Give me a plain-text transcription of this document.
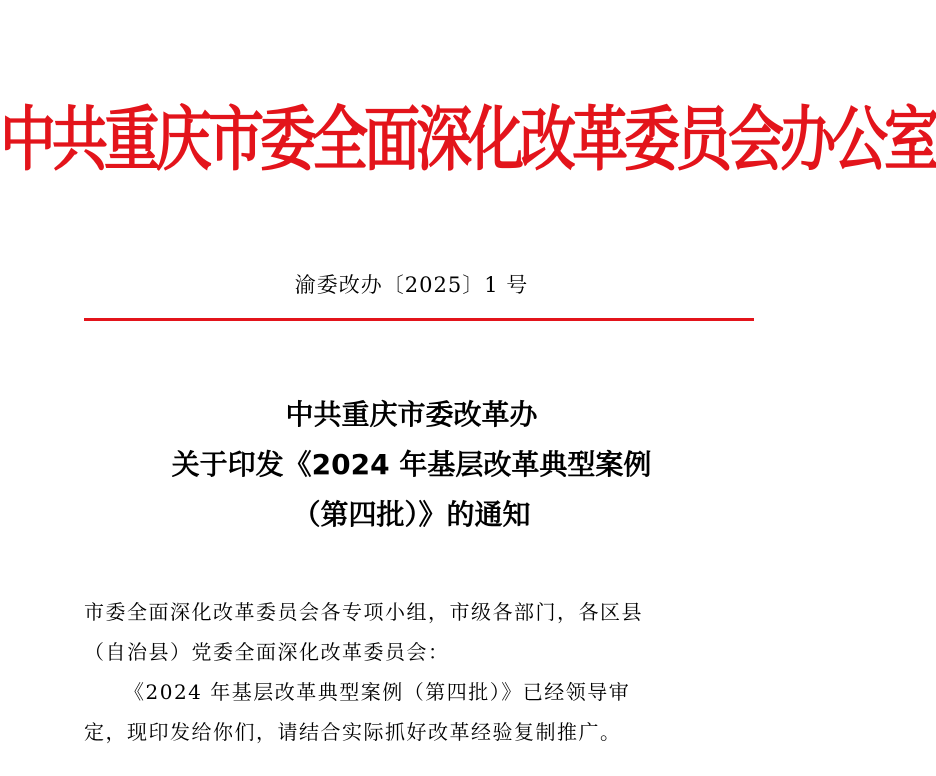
中共重庆市委全面深化改革委员会办公室
渝委改办〔2025〕1 号
中共重庆市委改革办
关于印发《2024 年基层改革典型案例
（第四批）》的通知

市委全面深化改革委员会各专项小组，市级各部门，各区县

（自治县）党委全面深化改革委员会：

《2024 年基层改革典型案例（第四批）》已经领导审

定，现印发给你们，请结合实际抓好改革经验复制推广。
